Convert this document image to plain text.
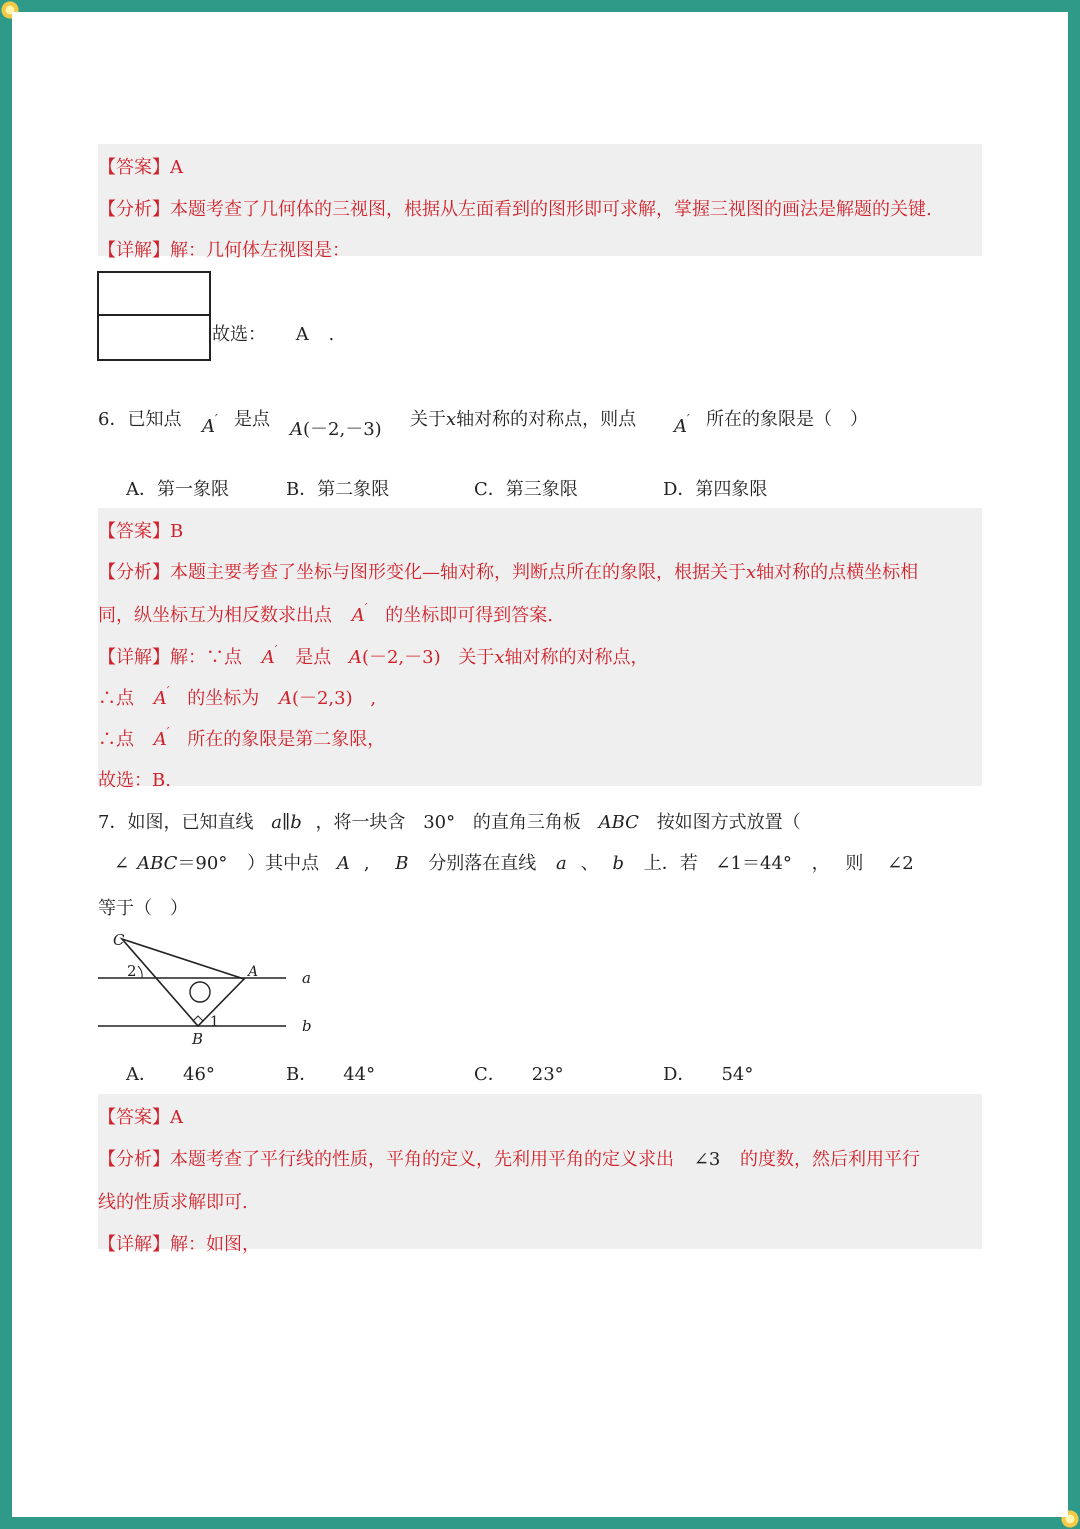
【答案】A
【分析】本题考查了几何体的三视图，根据从左面看到的图形即可求解，掌握三视图的画法是解题的关键.
【详解】解：几何体左视图是：
故选： A .
6．已知点 A′ 是点 A(－2,－3) 关于x轴对称的对称点，则点 A′ 所在的象限是（　）
A．第一象限	B．第二象限	C．第三象限	D．第四象限
【答案】B
【分析】本题主要考查了坐标与图形变化—轴对称，判断点所在的象限，根据关于x轴对称的点横坐标相
同，纵坐标互为相反数求出点 A′ 的坐标即可得到答案.
【详解】解：∵点 A′ 是点 A(－2,－3) 关于x轴对称的对称点，
∴点 A′ 的坐标为 A(－2,3) ,
∴点 A′ 所在的象限是第二象限，
故选：B.
7．如图，已知直线 a∥b ，将一块含 30° 的直角三角板 ABC 按如图方式放置（
∠ ABC＝90° ）其中点 A , B 分别落在直线 a 、 b 上．若 ∠1＝44° ， 则 ∠2
等于（　）
C
2	A	a
b
1
B
A． 46°	B． 44°	C． 23°	D． 54°
【答案】A
【分析】本题考查了平行线的性质，平角的定义，先利用平角的定义求出 ∠3 的度数，然后利用平行
线的性质求解即可.
【详解】解：如图，
